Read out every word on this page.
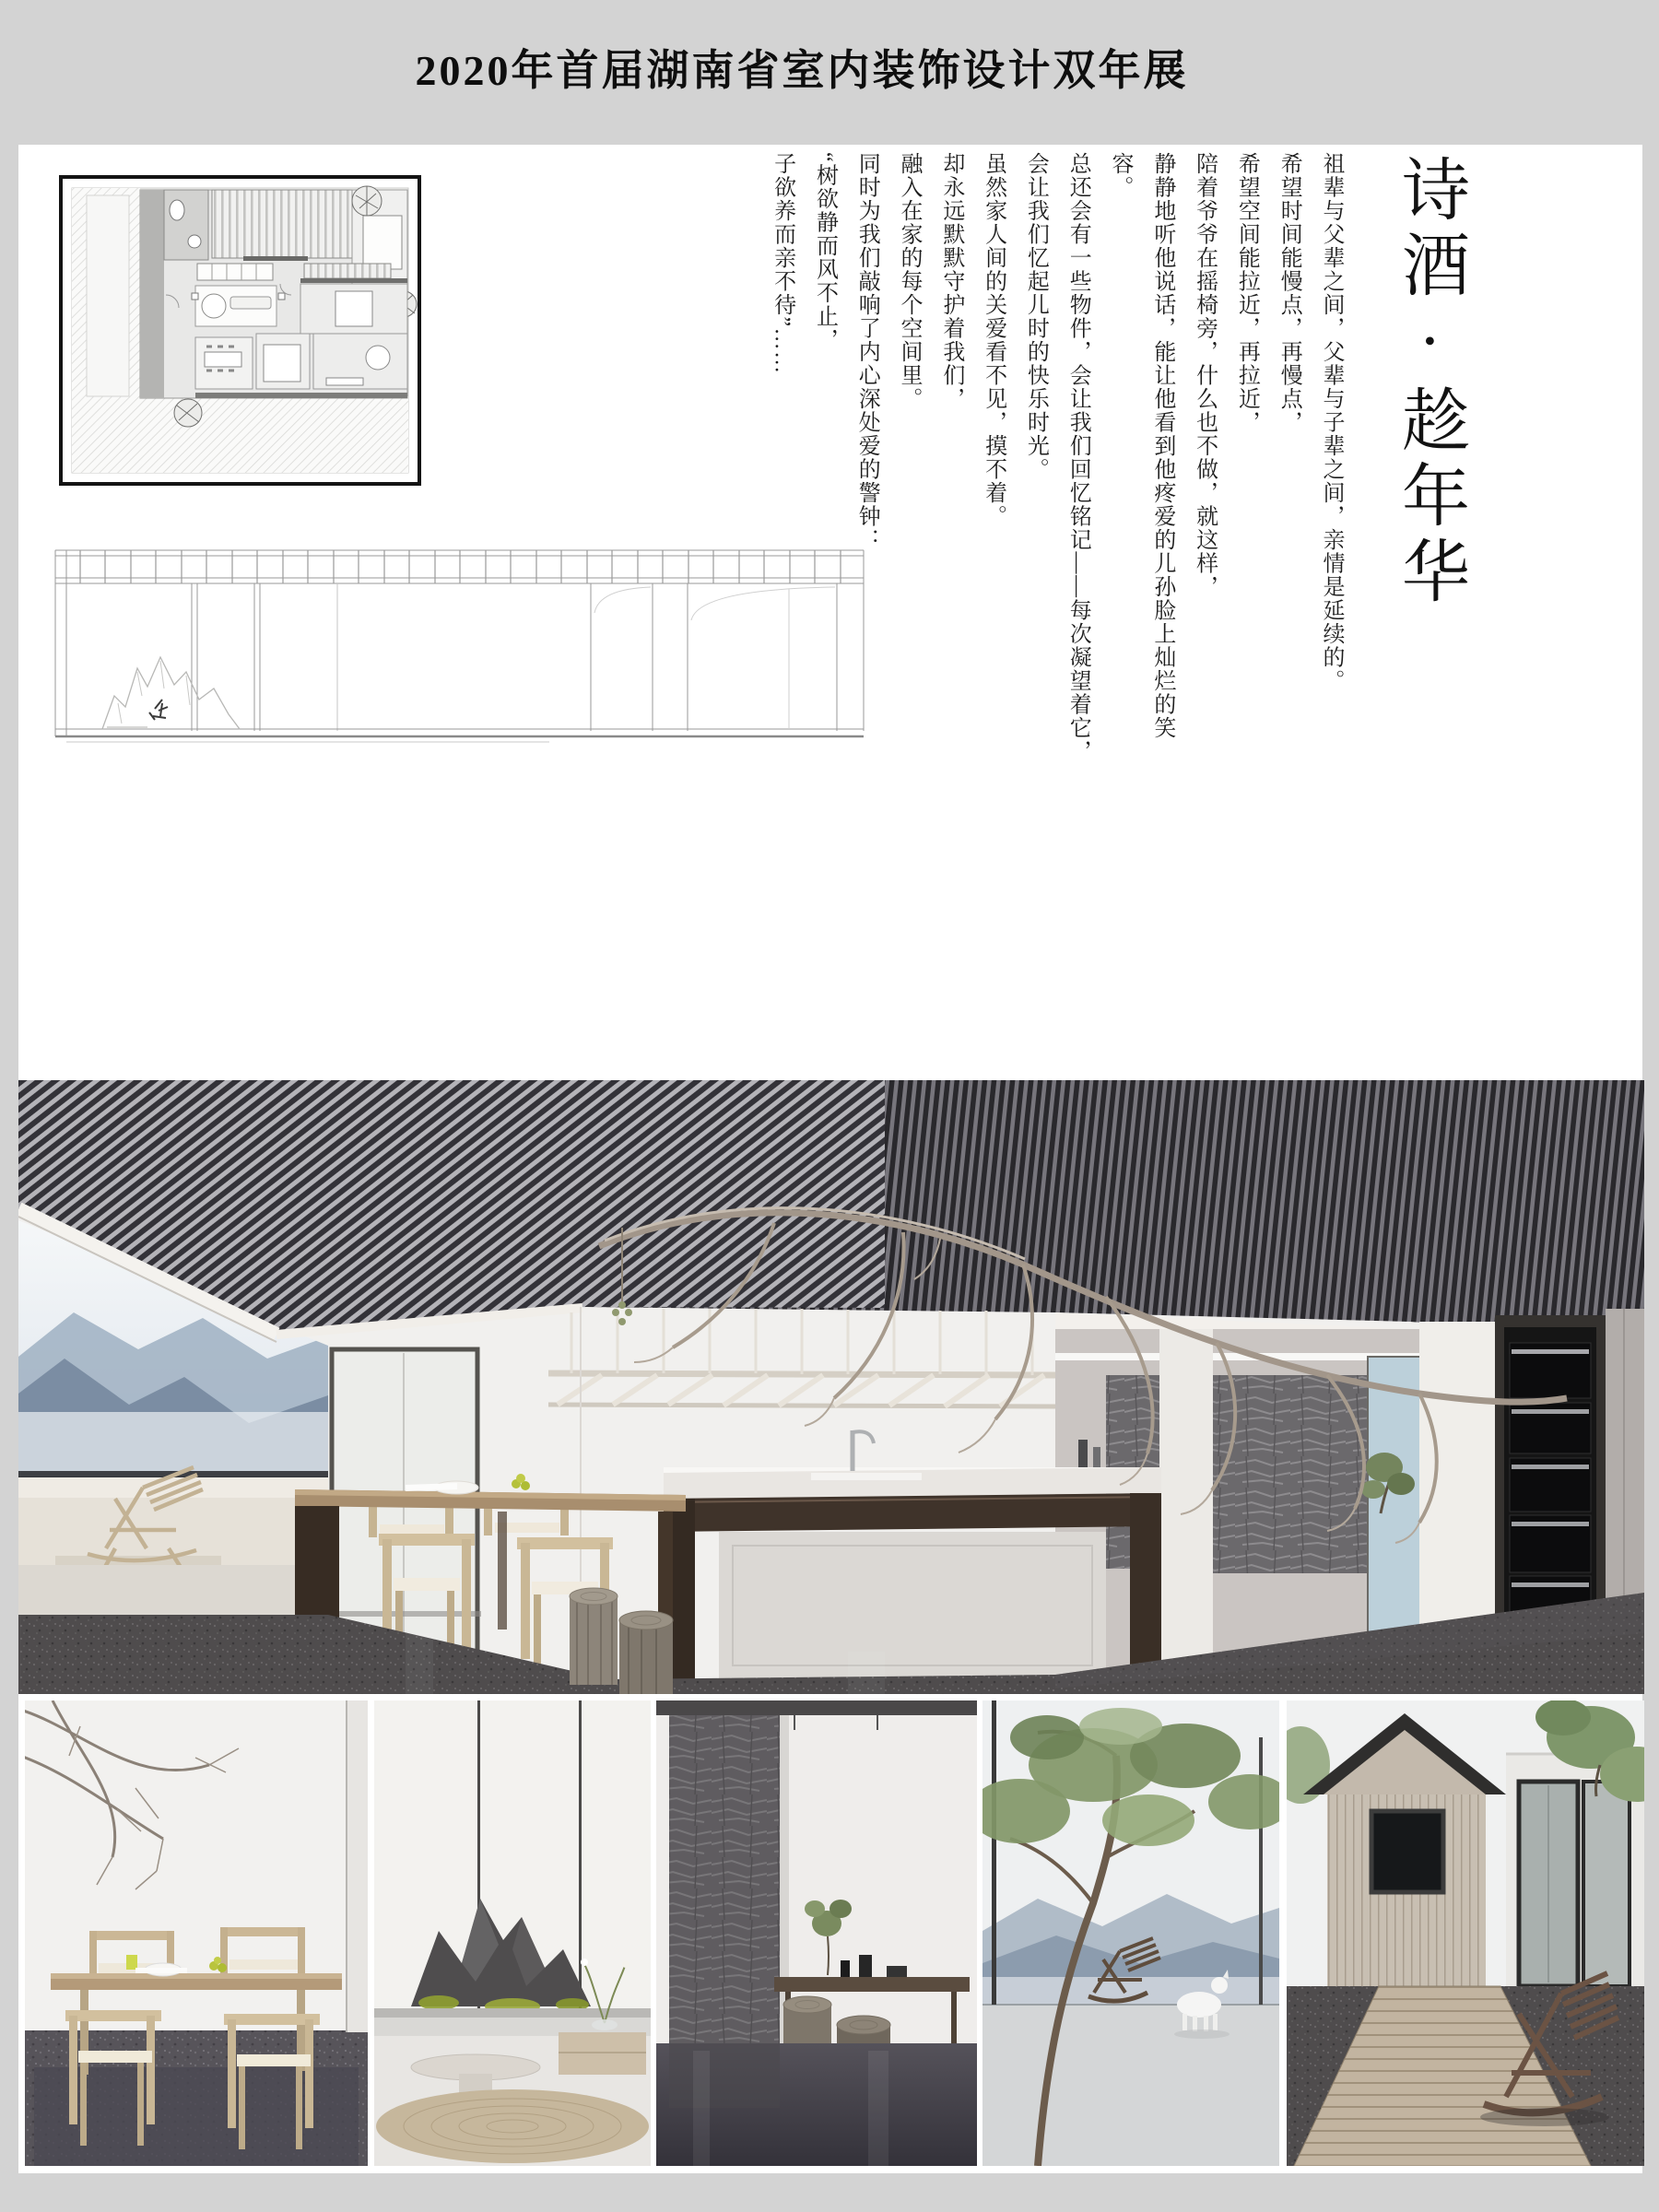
2020年首届湖南省室内装饰设计双年展

祖辈与父辈之间，父辈与子辈之间，亲情是延续的。

希望时间能慢点，再慢点，

希望空间能拉近，再拉近，

陪着爷爷在摇椅旁，什么也不做，就这样，

静静地听他说话，能让他看到他疼爱的儿孙脸上灿烂的笑容。

总还会有一些物件，会让我们回忆铭记——每次凝望着它，

会让我们忆起儿时的快乐时光。

虽然家人间的关爱看不见，摸不着。

却永远默默守护着我们，

融入在家的每个空间里。

同时为我们敲响了内心深处爱的警钟：

“树欲静而风不止，

子欲养而亲不待”……	诗酒 · 趁年华
